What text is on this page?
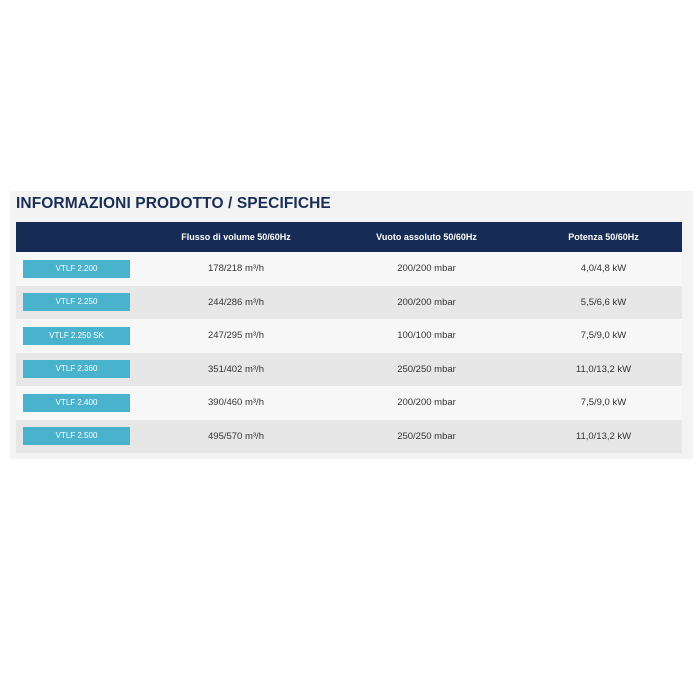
INFORMAZIONI PRODOTTO / SPECIFICHE
	Flusso di volume 50/60Hz	Vuoto assoluto 50/60Hz	Potenza 50/60Hz

VTLF 2.200	178/218 m³/h	200/200 mbar	4,0/4,8 kW

VTLF 2.250	244/286 m³/h	200/200 mbar	5,5/6,6 kW

VTLF 2.250 SK	247/295 m³/h	100/100 mbar	7,5/9,0 kW

VTLF 2.360	351/402 m³/h	250/250 mbar	11,0/13,2 kW

VTLF 2.400	390/460 m³/h	200/200 mbar	7,5/9,0 kW

VTLF 2.500	495/570 m³/h	250/250 mbar	11,0/13,2 kW
